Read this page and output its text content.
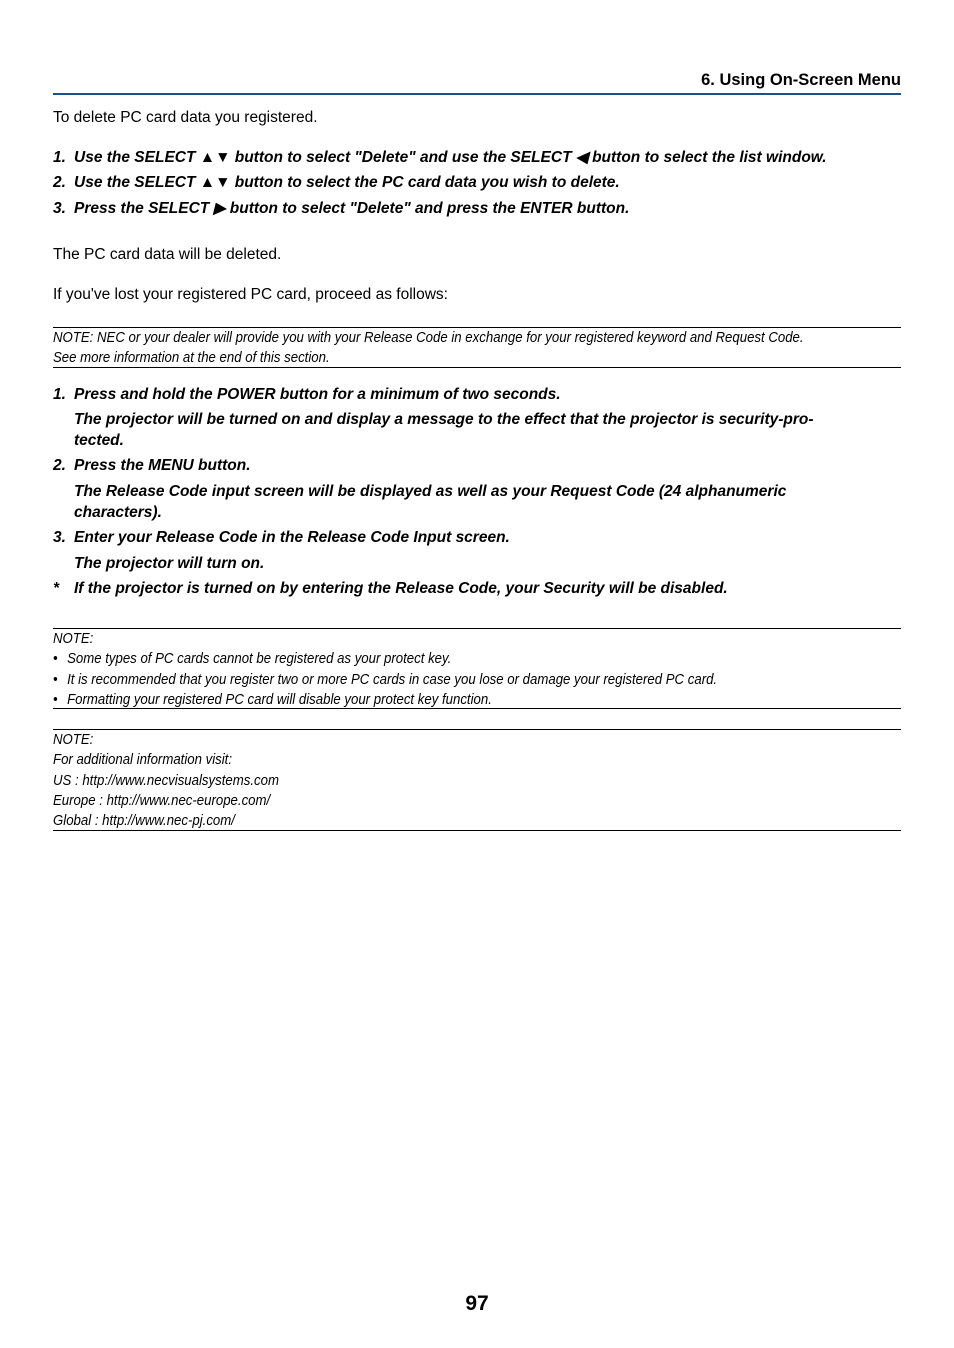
6. Using On-Screen Menu
To delete PC card data you registered.
1. Use the SELECT ▲▼ button to select "Delete" and use the SELECT ◀ button to select the list window.
2. Use the SELECT ▲▼ button to select the PC card data you wish to delete.
3. Press the SELECT ▶ button to select "Delete" and press the ENTER button.
The PC card data will be deleted.
If you've lost your registered PC card, proceed as follows:
NOTE: NEC or your dealer will provide you with your Release Code in exchange for your registered keyword and Request Code.
See more information at the end of this section.
1. Press and hold the POWER button for a minimum of two seconds.
The projector will be turned on and display a message to the effect that the projector is security-pro-
tected.
2. Press the MENU button.
The Release Code input screen will be displayed as well as your Request Code (24 alphanumeric
characters).
3. Enter your Release Code in the Release Code Input screen.
The projector will turn on.
* If the projector is turned on by entering the Release Code, your Security will be disabled.
NOTE:
• Some types of PC cards cannot be registered as your protect key.
• It is recommended that you register two or more PC cards in case you lose or damage your registered PC card.
• Formatting your registered PC card will disable your protect key function.
NOTE:
For additional information visit:
US : http://www.necvisualsystems.com
Europe : http://www.nec-europe.com/
Global : http://www.nec-pj.com/
97
